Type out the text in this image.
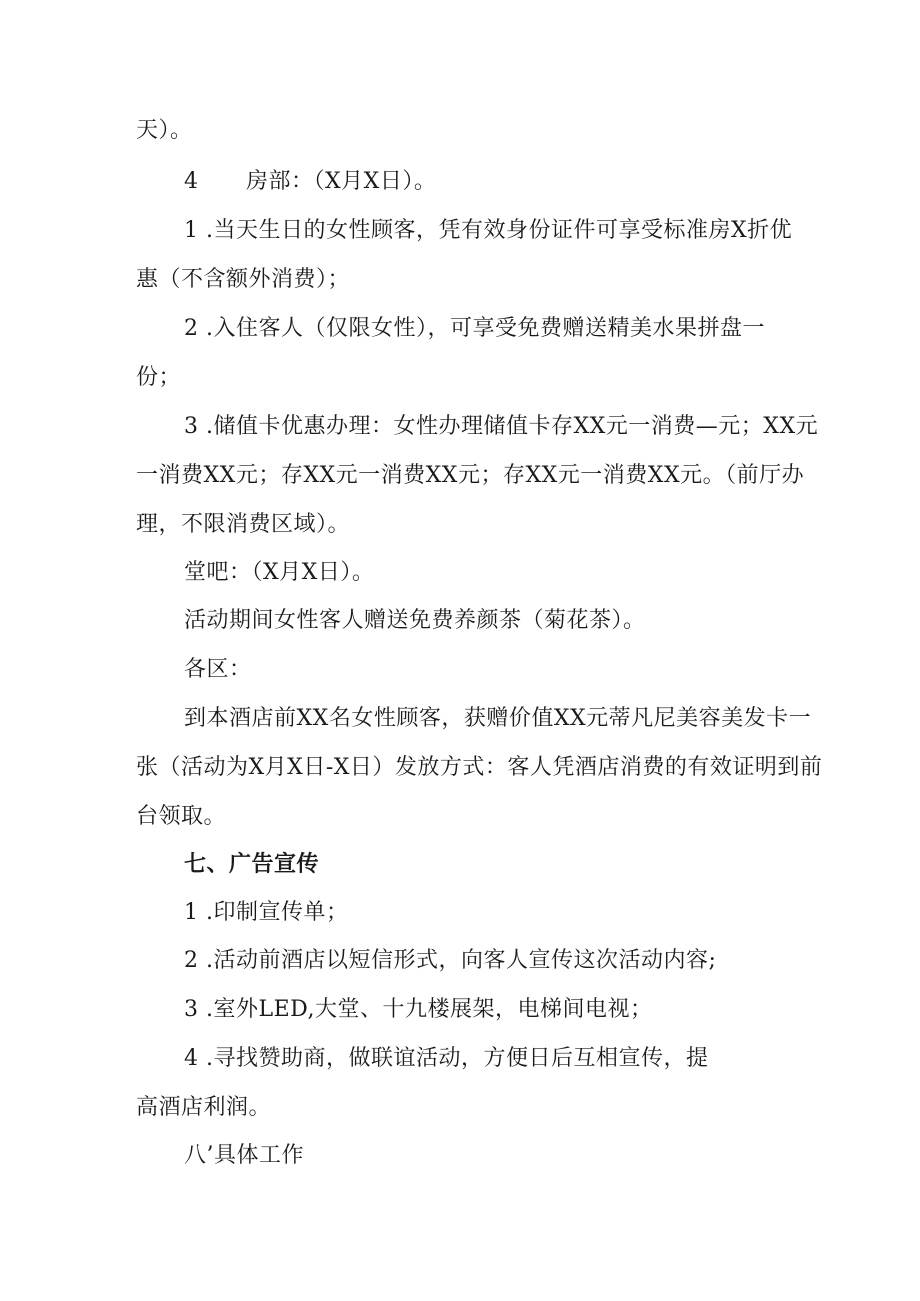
天）。
4 房部：（X月X日）。
1 .当天生日的女性顾客，凭有效身份证件可享受标准房X折优
惠（不含额外消费）；
2 .入住客人（仅限女性），可享受免费赠送精美水果拼盘一
份；
3 .储值卡优惠办理：女性办理储值卡存XX元一消费—元；XX元
一消费XX元；存XX元一消费XX元；存XX元一消费XX元。（前厅办
理，不限消费区域）。
堂吧：（X月X日）。
活动期间女性客人赠送免费养颜茶（菊花茶）。
各区：
到本酒店前XX名女性顾客，获赠价值XX元蒂凡尼美容美发卡一
张（活动为X月X日-X日）发放方式：客人凭酒店消费的有效证明到前
台领取。
七、广告宣传
1 .印制宣传单；
2 .活动前酒店以短信形式，向客人宣传这次活动内容;
3 .室外LED,大堂、十九楼展架，电梯间电视；
4 .寻找赞助商，做联谊活动，方便日后互相宣传，提
高酒店利润。
八’具体工作
